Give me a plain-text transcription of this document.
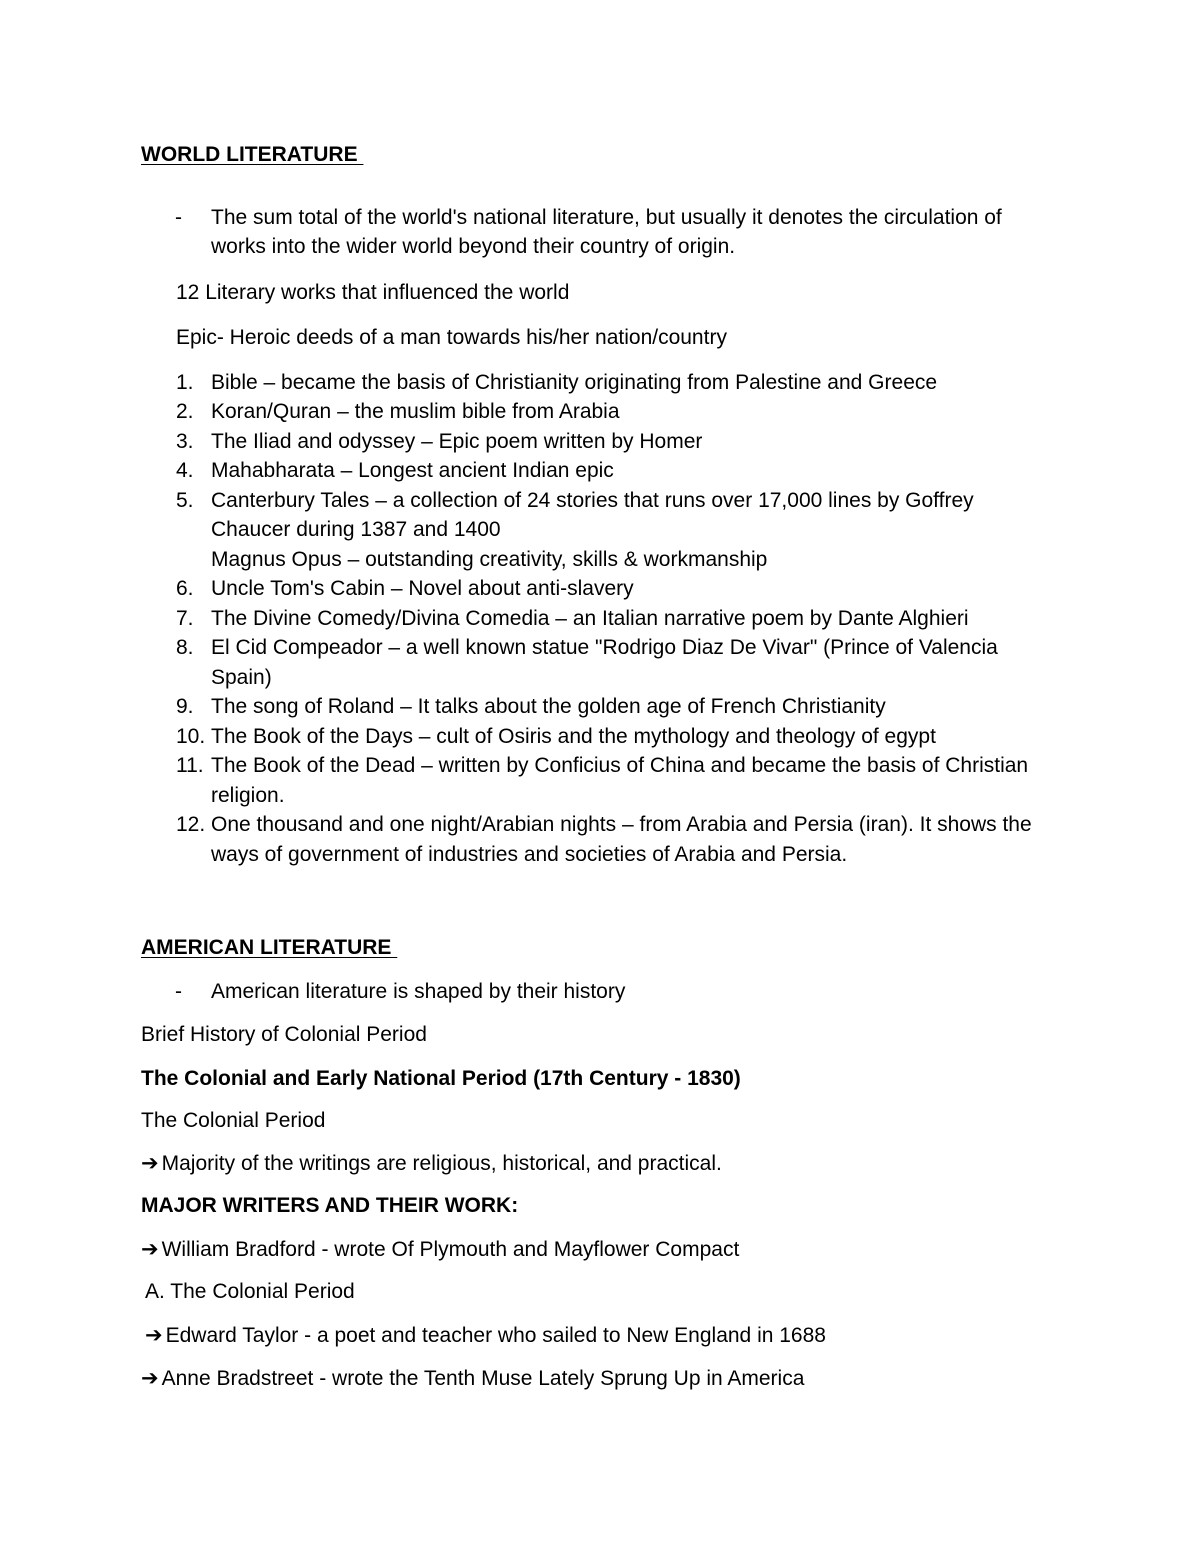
WORLD LITERATURE

- The sum total of the world's national literature, but usually it denotes the circulation of works into the wider world beyond their country of origin.

12 Literary works that influenced the world

Epic- Heroic deeds of a man towards his/her nation/country

1. Bible – became the basis of Christianity originating from Palestine and Greece
2. Koran/Quran – the muslim bible from Arabia
3. The Iliad and odyssey – Epic poem written by Homer
4. Mahabharata – Longest ancient Indian epic
5. Canterbury Tales – a collection of 24 stories that runs over 17,000 lines by Goffrey Chaucer during 1387 and 1400
Magnus Opus – outstanding creativity, skills & workmanship
6. Uncle Tom's Cabin – Novel about anti-slavery
7. The Divine Comedy/Divina Comedia – an Italian narrative poem by Dante Alghieri
8. El Cid Compeador – a well known statue "Rodrigo Diaz De Vivar" (Prince of Valencia Spain)
9. The song of Roland – It talks about the golden age of French Christianity
10. The Book of the Days – cult of Osiris and the mythology and theology of egypt
11. The Book of the Dead – written by Conficius of China and became the basis of Christian religion.
12. One thousand and one night/Arabian nights – from Arabia and Persia (iran). It shows the ways of government of industries and societies of Arabia and Persia.

AMERICAN LITERATURE

- American literature is shaped by their history

Brief History of Colonial Period

The Colonial and Early National Period (17th Century - 1830)

The Colonial Period

➔ Majority of the writings are religious, historical, and practical.

MAJOR WRITERS AND THEIR WORK:

➔ William Bradford - wrote Of Plymouth and Mayflower Compact

A. The Colonial Period

➔ Edward Taylor - a poet and teacher who sailed to New England in 1688

➔ Anne Bradstreet - wrote the Tenth Muse Lately Sprung Up in America
